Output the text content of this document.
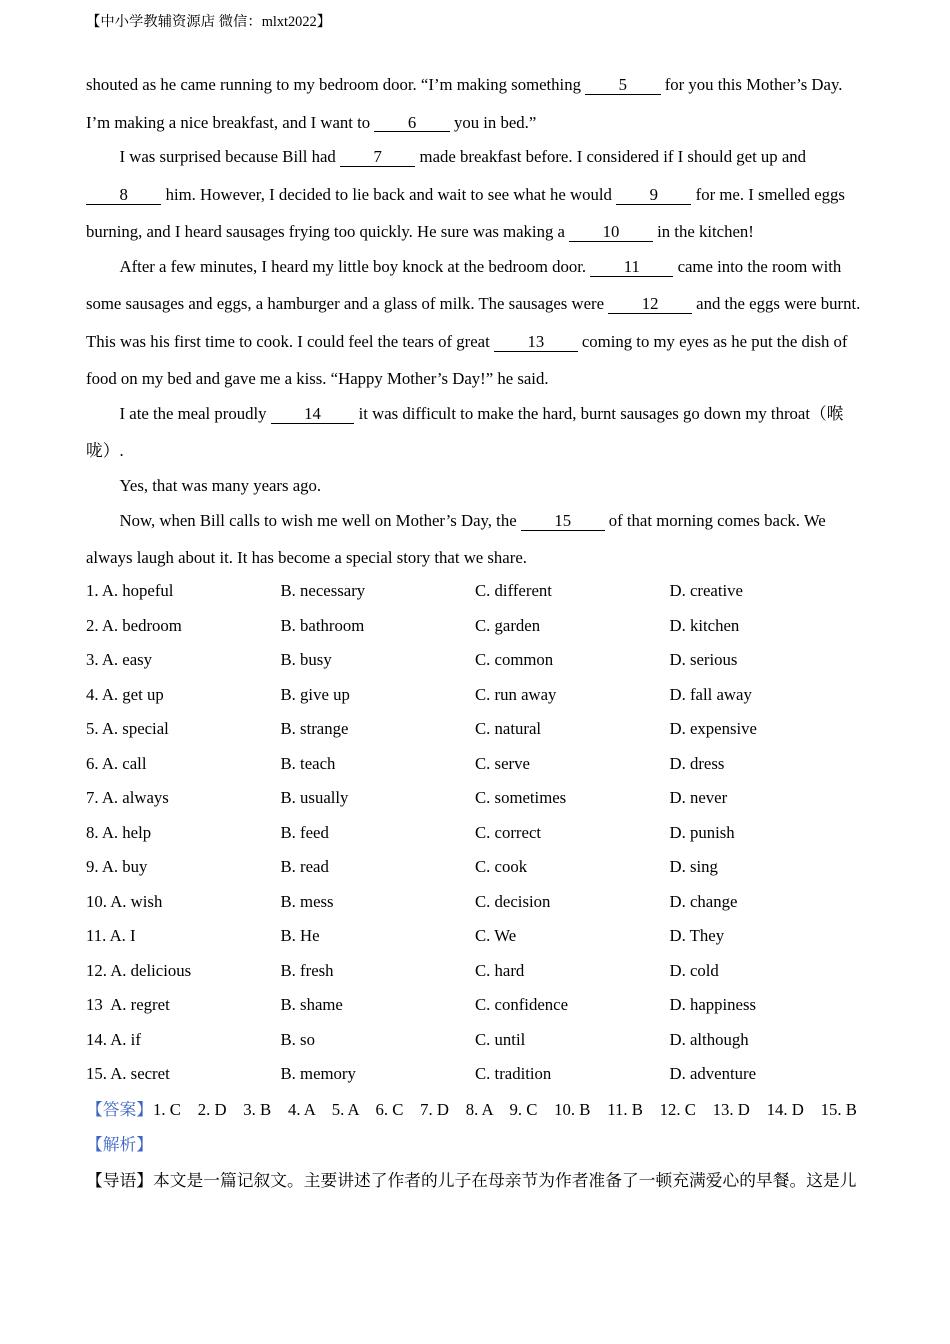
【中小学教辅资源店 微信：mlxt2022】
shouted as he came running to my bedroom door. “I’m making something 5 for you this Mother’s Day.
I’m making a nice breakfast, and I want to 6 you in bed.”
I was surprised because Bill had 7 made breakfast before. I considered if I should get up and
8 him. However, I decided to lie back and wait to see what he would 9 for me. I smelled eggs
burning, and I heard sausages frying too quickly. He sure was making a 10 in the kitchen!
After a few minutes, I heard my little boy knock at the bedroom door. 11 came into the room with
some sausages and eggs, a hamburger and a glass of milk. The sausages were 12 and the eggs were burnt.
This was his first time to cook. I could feel the tears of great 13 coming to my eyes as he put the dish of
food on my bed and gave me a kiss. “Happy Mother’s Day!” he said.
I ate the meal proudly 14 it was difficult to make the hard, burnt sausages go down my throat（喉
咙）.
Yes, that was many years ago.
Now, when Bill calls to wish me well on Mother’s Day, the 15 of that morning comes back. We
always laugh about it. It has become a special story that we share.
1. A. hopeful	B. necessary	C. different	D. creative
2. A. bedroom	B. bathroom	C. garden	D. kitchen
3. A. easy	B. busy	C. common	D. serious
4. A. get up	B. give up	C. run away	D. fall away
5. A. special	B. strange	C. natural	D. expensive
6. A. call	B. teach	C. serve	D. dress
7. A. always	B. usually	C. sometimes	D. never
8. A. help	B. feed	C. correct	D. punish
9. A. buy	B. read	C. cook	D. sing
10. A. wish	B. mess	C. decision	D. change
11. A. I	B. He	C. We	D. They
12. A. delicious	B. fresh	C. hard	D. cold
13  A. regret	B. shame	C. confidence	D. happiness
14. A. if	B. so	C. until	D. although
15. A. secret	B. memory	C. tradition	D. adventure
【答案】1. C    2. D    3. B    4. A    5. A    6. C    7. D    8. A    9. C    10. B    11. B    12. C    13. D    14. D    15. B
【解析】
【导语】本文是一篇记叙文。主要讲述了作者的儿子在母亲节为作者准备了一顿充满爱心的早餐。这是儿
